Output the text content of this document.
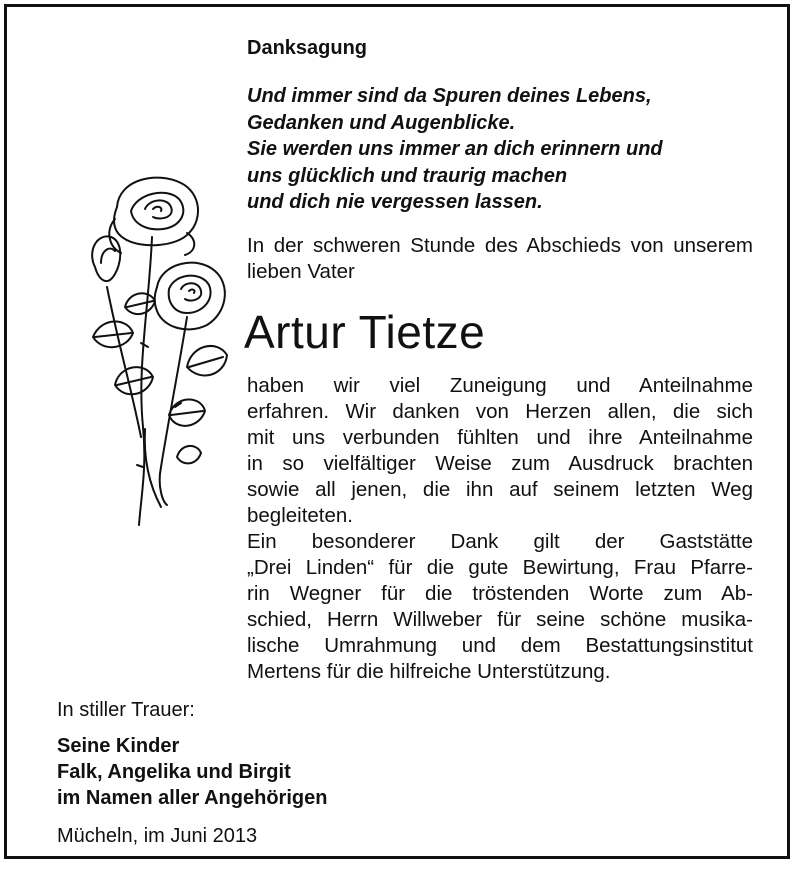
Danksagung
Und immer sind da Spuren deines Lebens,
Gedanken und Augenblicke.
Sie werden uns immer an dich erinnern und
uns glücklich und traurig machen
und dich nie vergessen lassen.
In der schweren Stunde des Abschieds von unserem lieben Vater
Artur Tietze
haben wir viel Zuneigung und Anteilnahme
erfahren. Wir danken von Herzen allen, die sich
mit uns verbunden fühlten und ihre Anteilnahme
in so vielfältiger Weise zum Ausdruck brachten
sowie all jenen, die ihn auf seinem letzten Weg
begleiteten.
Ein besonderer Dank gilt der Gaststätte
„Drei Linden“ für die gute Bewirtung, Frau Pfarre-
rin Wegner für die tröstenden Worte zum Ab-
schied, Herrn Willweber für seine schöne musika-
lische Umrahmung und dem Bestattungsinstitut
Mertens für die hilfreiche Unterstützung.
In stiller Trauer:
Seine Kinder
Falk, Angelika und Birgit
im Namen aller Angehörigen
Mücheln, im Juni 2013
